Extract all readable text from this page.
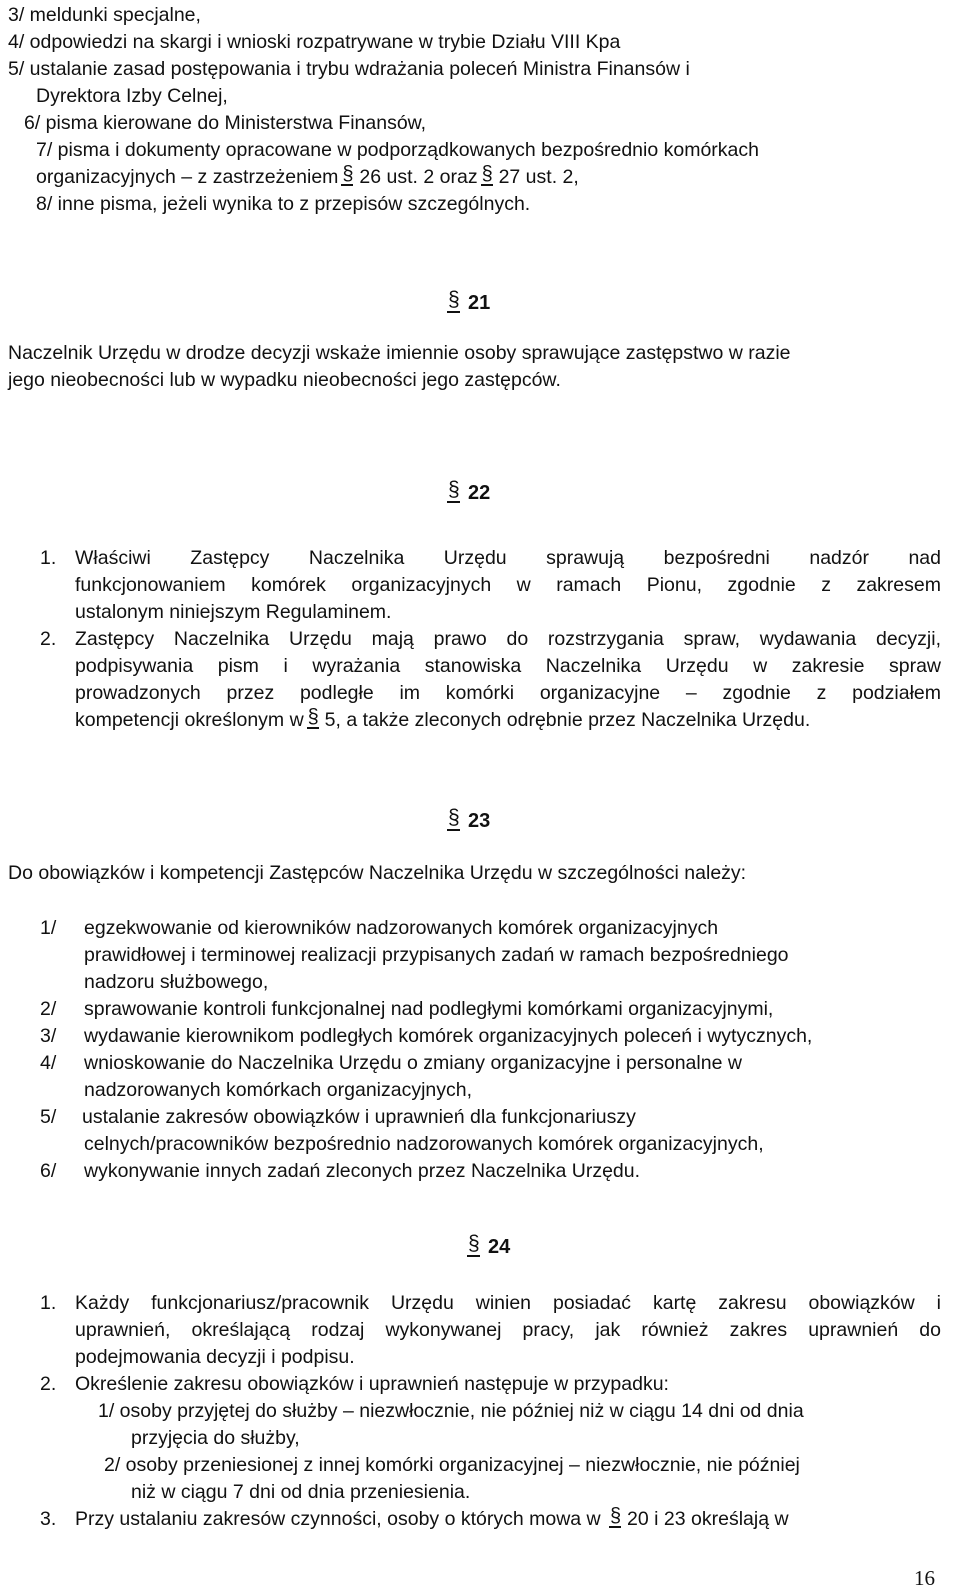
3/ meldunki specjalne,
4/ odpowiedzi na skargi i wnioski rozpatrywane w trybie Działu VIII Kpa
5/ ustalanie zasad postępowania i trybu wdrażania poleceń Ministra Finansów i
Dyrektora Izby Celnej,
6/ pisma kierowane do Ministerstwa Finansów,
7/ pisma i dokumenty opracowane w podporządkowanych bezpośrednio komórkach
organizacyjnych – z zastrzeżeniem § 26 ust. 2 oraz § 27 ust. 2,
8/ inne pisma, jeżeli wynika to z przepisów szczególnych.
§21
Naczelnik Urzędu w drodze decyzji wskaże imiennie osoby sprawujące zastępstwo w razie
jego nieobecności lub w wypadku nieobecności jego zastępców.
§22
1. Właściwi Zastępcy Naczelnika Urzędu sprawują bezpośredni nadzór nad
funkcjonowaniem komórek organizacyjnych w ramach Pionu, zgodnie z zakresem
ustalonym niniejszym Regulaminem.
2. Zastępcy Naczelnika Urzędu mają prawo do rozstrzygania spraw, wydawania decyzji,
podpisywania pism i wyrażania stanowiska Naczelnika Urzędu w zakresie spraw
prowadzonych przez podległe im komórki organizacyjne – zgodnie z podziałem
kompetencji określonym w § 5, a także zleconych odrębnie przez Naczelnika Urzędu.
§23
Do obowiązków i kompetencji Zastępców Naczelnika Urzędu w szczególności należy:
1/ egzekwowanie od kierowników nadzorowanych komórek organizacyjnych
prawidłowej i terminowej realizacji przypisanych zadań w ramach bezpośredniego
nadzoru służbowego,
2/ sprawowanie kontroli funkcjonalnej nad podległymi komórkami organizacyjnymi,
3/ wydawanie kierownikom podległych komórek organizacyjnych poleceń i wytycznych,
4/ wnioskowanie do Naczelnika Urzędu o zmiany organizacyjne i personalne w
nadzorowanych komórkach organizacyjnych,
5/ ustalanie zakresów obowiązków i uprawnień dla funkcjonariuszy
celnych/pracowników bezpośrednio nadzorowanych komórek organizacyjnych,
6/ wykonywanie innych zadań zleconych przez Naczelnika Urzędu.
§24
1. Każdy funkcjonariusz/pracownik Urzędu winien posiadać kartę zakresu obowiązków i
uprawnień, określającą rodzaj wykonywanej pracy, jak również zakres uprawnień do
podejmowania decyzji i podpisu.
2. Określenie zakresu obowiązków i uprawnień następuje w przypadku:
1/ osoby przyjętej do służby – niezwłocznie, nie później niż w ciągu 14 dni od dnia
przyjęcia do służby,
2/ osoby przeniesionej z innej komórki organizacyjnej – niezwłocznie, nie później
niż w ciągu 7 dni od dnia przeniesienia.
3. Przy ustalaniu zakresów czynności, osoby o których mowa w § 20 i 23 określają w
16
